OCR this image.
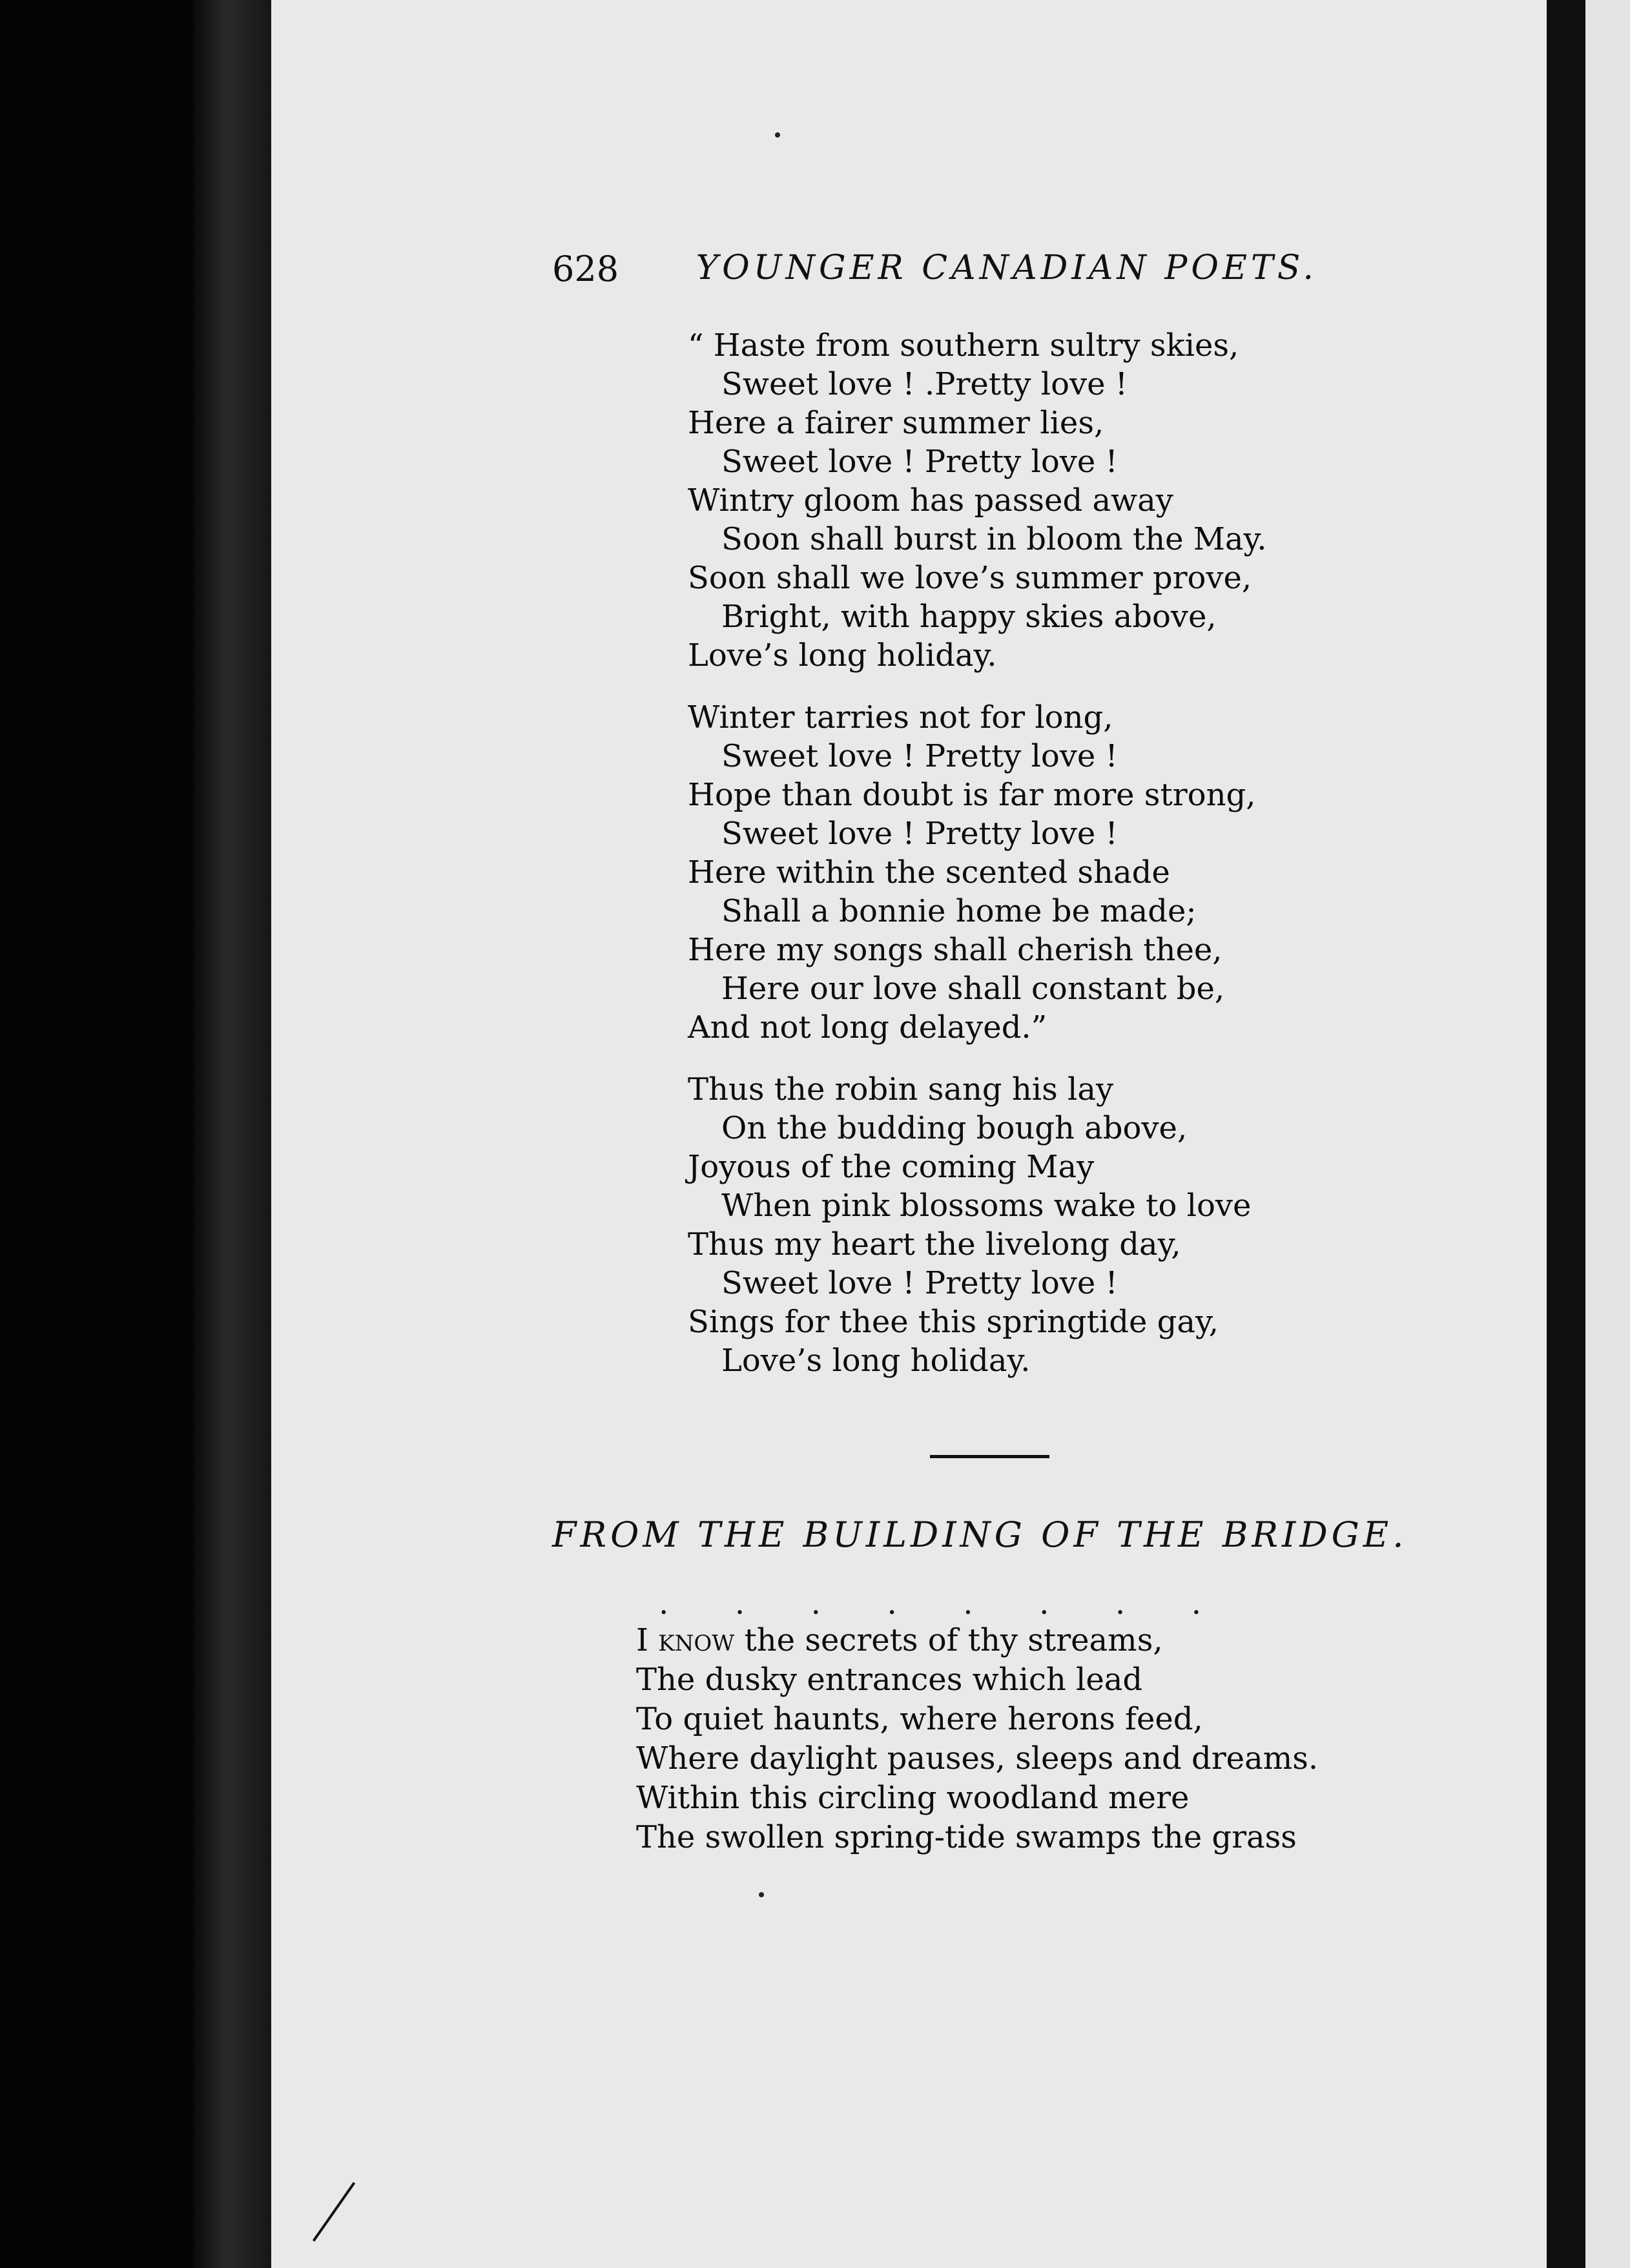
628 YOUNGER CANADIAN POETS.
“ Haste from southern sultry skies,
Sweet love ! .Pretty love !
Here a fairer summer lies,
Sweet love ! Pretty love !
Wintry gloom has passed away
Soon shall burst in bloom the May.
Soon shall we love’s summer prove,
Bright, with happy skies above,
Love’s long holiday.
Winter tarries not for long,
Sweet love ! Pretty love !
Hope than doubt is far more strong,
Sweet love ! Pretty love !
Here within the scented shade
Shall a bonnie home be made;
Here my songs shall cherish thee,
Here our love shall constant be,
And not long delayed.”
Thus the robin sang his lay
On the budding bough above,
Joyous of the coming May
When pink blossoms wake to love
Thus my heart the livelong day,
Sweet love ! Pretty love !
Sings for thee this springtide gay,
Love’s long holiday.
FROM THE BUILDING OF THE BRIDGE.
. . . . . . . .
I know the secrets of thy streams,
The dusky entrances which lead
To quiet haunts, where herons feed,
Where daylight pauses, sleeps and dreams.
Within this circling woodland mere
The swollen spring-tide swamps the grass
